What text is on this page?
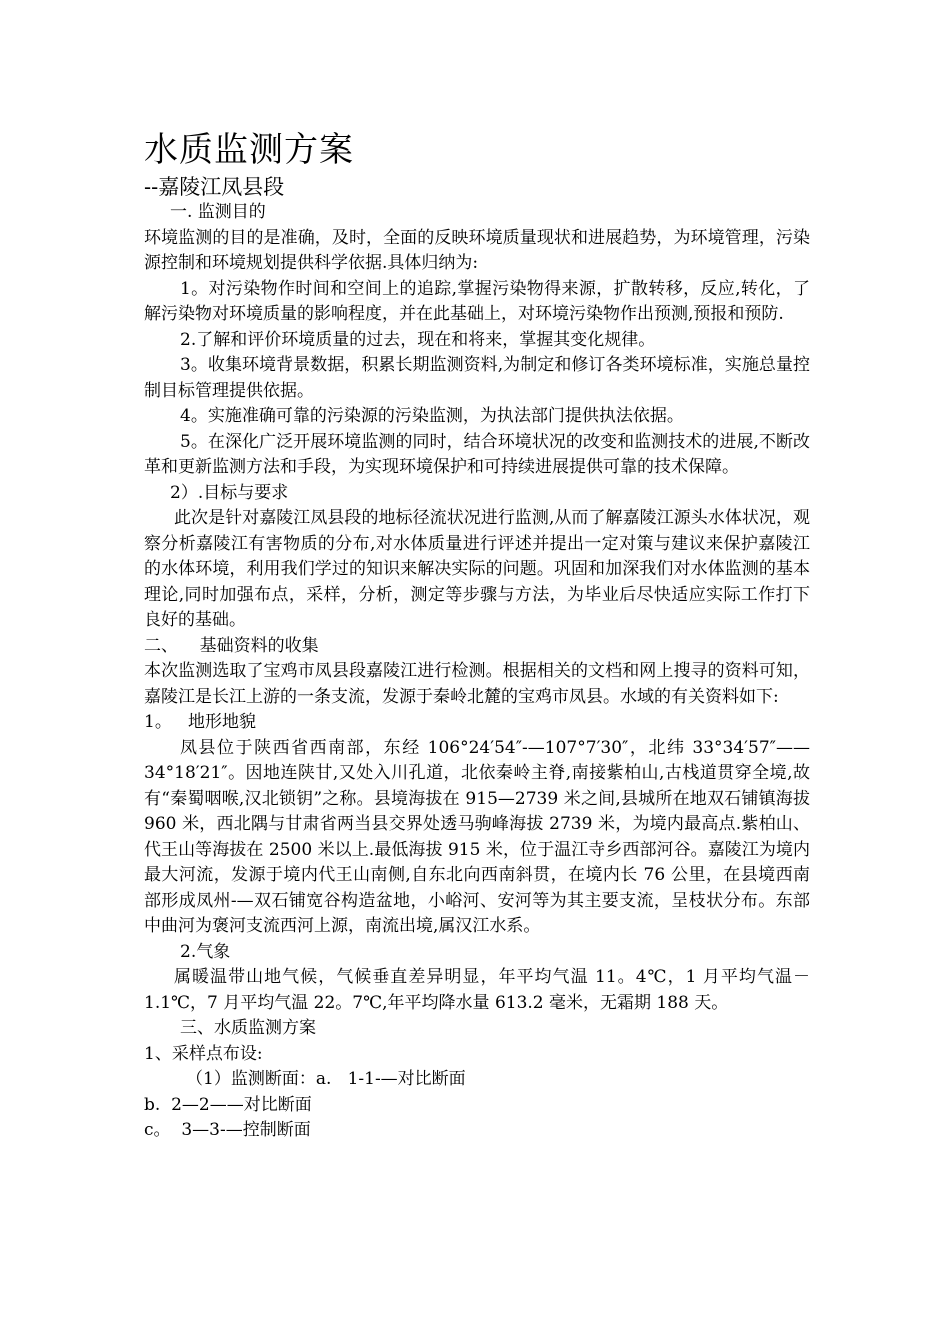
水质监测方案
--嘉陵江凤县段

一. 监测目的

环境监测的目的是准确，及时，全面的反映环境质量现状和进展趋势，为环境管理，污染源控制和环境规划提供科学依据.具体归纳为:

1。对污染物作时间和空间上的追踪,掌握污染物得来源，扩散转移，反应,转化，了解污染物对环境质量的影响程度，并在此基础上，对环境污染物作出预测,预报和预防.

2.了解和评价环境质量的过去，现在和将来，掌握其变化规律。

3。收集环境背景数据，积累长期监测资料,为制定和修订各类环境标准，实施总量控制目标管理提供依据。

4。实施准确可靠的污染源的污染监测，为执法部门提供执法依据。

5。在深化广泛开展环境监测的同时，结合环境状况的改变和监测技术的进展,不断改革和更新监测方法和手段，为实现环境保护和可持续进展提供可靠的技术保障。

2）.目标与要求

此次是针对嘉陵江凤县段的地标径流状况进行监测,从而了解嘉陵江源头水体状况，观察分析嘉陵江有害物质的分布,对水体质量进行评述并提出一定对策与建议来保护嘉陵江的水体环境，利用我们学过的知识来解决实际的问题。巩固和加深我们对水体监测的基本理论,同时加强布点，采样，分析，测定等步骤与方法，为毕业后尽快适应实际工作打下良好的基础。

二、    基础资料的收集

本次监测选取了宝鸡市凤县段嘉陵江进行检测。根据相关的文档和网上搜寻的资料可知，嘉陵江是长江上游的一条支流，发源于秦岭北麓的宝鸡市凤县。水域的有关资料如下:

1。   地形地貌

凤县位于陕西省西南部，东经 106°24′54″-—107°7′30″，北纬 33°34′57″——34°18′21″。因地连陕甘,又处入川孔道，北依秦岭主脊,南接紫柏山,古栈道贯穿全境,故有“秦蜀咽喉,汉北锁钥”之称。县境海拔在 915—2739 米之间,县城所在地双石铺镇海拔 960 米，西北隅与甘肃省两当县交界处透马驹峰海拔 2739 米，为境内最高点.紫柏山、代王山等海拔在 2500 米以上.最低海拔 915 米，位于温江寺乡西部河谷。嘉陵江为境内最大河流，发源于境内代王山南侧,自东北向西南斜贯，在境内长 76 公里，在县境西南部形成凤州-—双石铺宽谷构造盆地，小峪河、安河等为其主要支流，呈枝状分布。东部中曲河为褒河支流西河上源，南流出境,属汉江水系。

2.气象

属暖温带山地气候，气候垂直差异明显，年平均气温 11。4℃，1 月平均气温－1.1℃，7 月平均气温 22。7℃,年平均降水量 613.2 毫米，无霜期 188 天。

三、水质监测方案

1、采样点布设:

（1）监测断面：a.   1-1-—对比断面

b.  2—2——对比断面

c。  3—3-—控制断面
